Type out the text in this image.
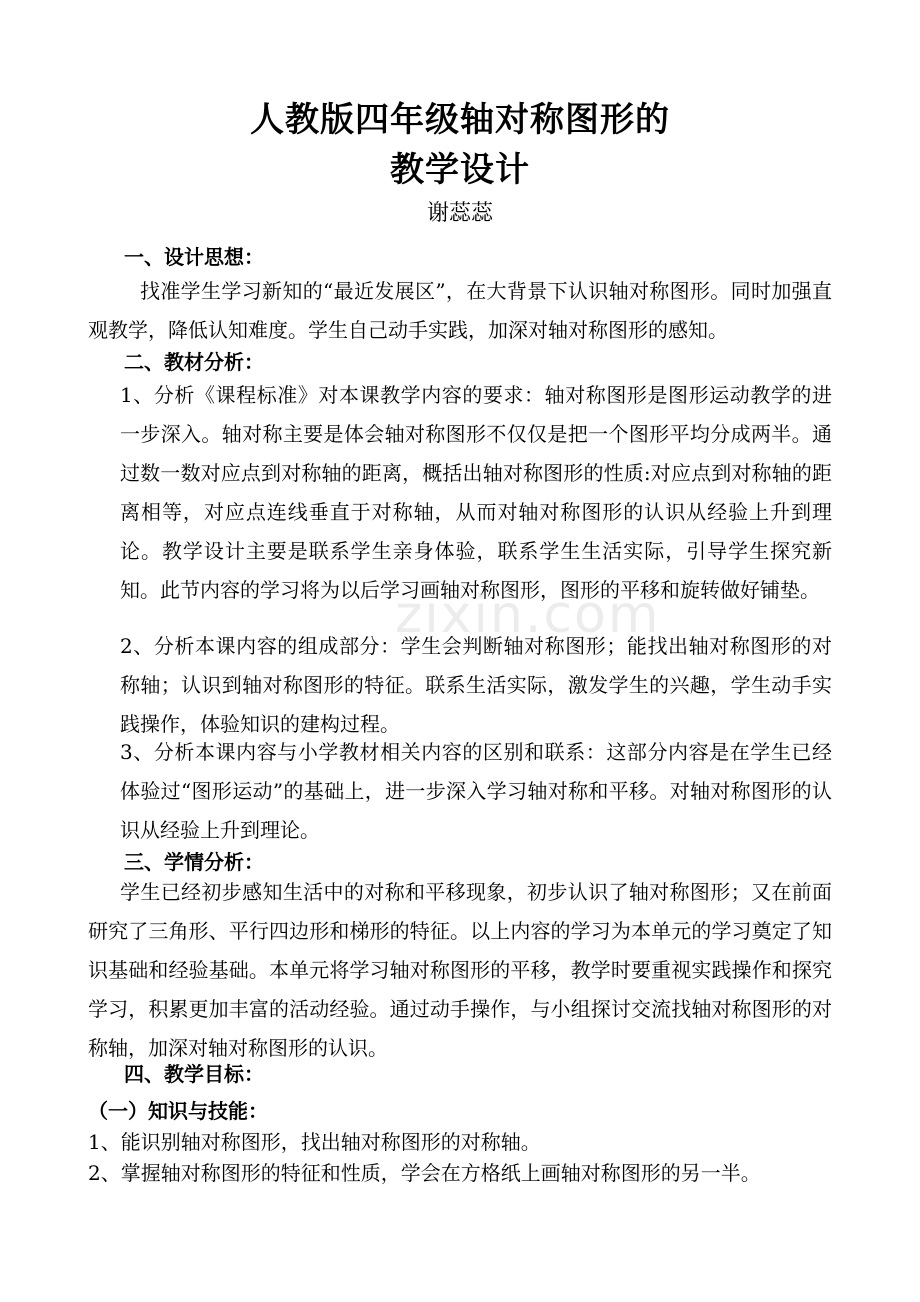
人教版四年级轴对称图形的
教学设计
谢蕊蕊
一、设计思想：
找准学生学习新知的“最近发展区”，在大背景下认识轴对称图形。同时加强直观教学，降低认知难度。学生自己动手实践，加深对轴对称图形的感知。
二、教材分析：
1、分析《课程标准》对本课教学内容的要求：轴对称图形是图形运动教学的进一步深入。轴对称主要是体会轴对称图形不仅仅是把一个图形平均分成两半。通过数一数对应点到对称轴的距离，概括出轴对称图形的性质:对应点到对称轴的距离相等，对应点连线垂直于对称轴，从而对轴对称图形的认识从经验上升到理论。教学设计主要是联系学生亲身体验，联系学生生活实际，引导学生探究新知。此节内容的学习将为以后学习画轴对称图形，图形的平移和旋转做好铺垫。
2、分析本课内容的组成部分：学生会判断轴对称图形；能找出轴对称图形的对称轴；认识到轴对称图形的特征。联系生活实际，激发学生的兴趣，学生动手实践操作，体验知识的建构过程。
3、分析本课内容与小学教材相关内容的区别和联系：这部分内容是在学生已经体验过“图形运动”的基础上，进一步深入学习轴对称和平移。对轴对称图形的认识从经验上升到理论。
三、学情分析：
学生已经初步感知生活中的对称和平移现象，初步认识了轴对称图形；又在前面研究了三角形、平行四边形和梯形的特征。以上内容的学习为本单元的学习奠定了知识基础和经验基础。本单元将学习轴对称图形的平移，教学时要重视实践操作和探究学习，积累更加丰富的活动经验。通过动手操作，与小组探讨交流找轴对称图形的对称轴，加深对轴对称图形的认识。
四、教学目标：
（一）知识与技能：
1、能识别轴对称图形，找出轴对称图形的对称轴。
2、掌握轴对称图形的特征和性质，学会在方格纸上画轴对称图形的另一半。
zixin.com
